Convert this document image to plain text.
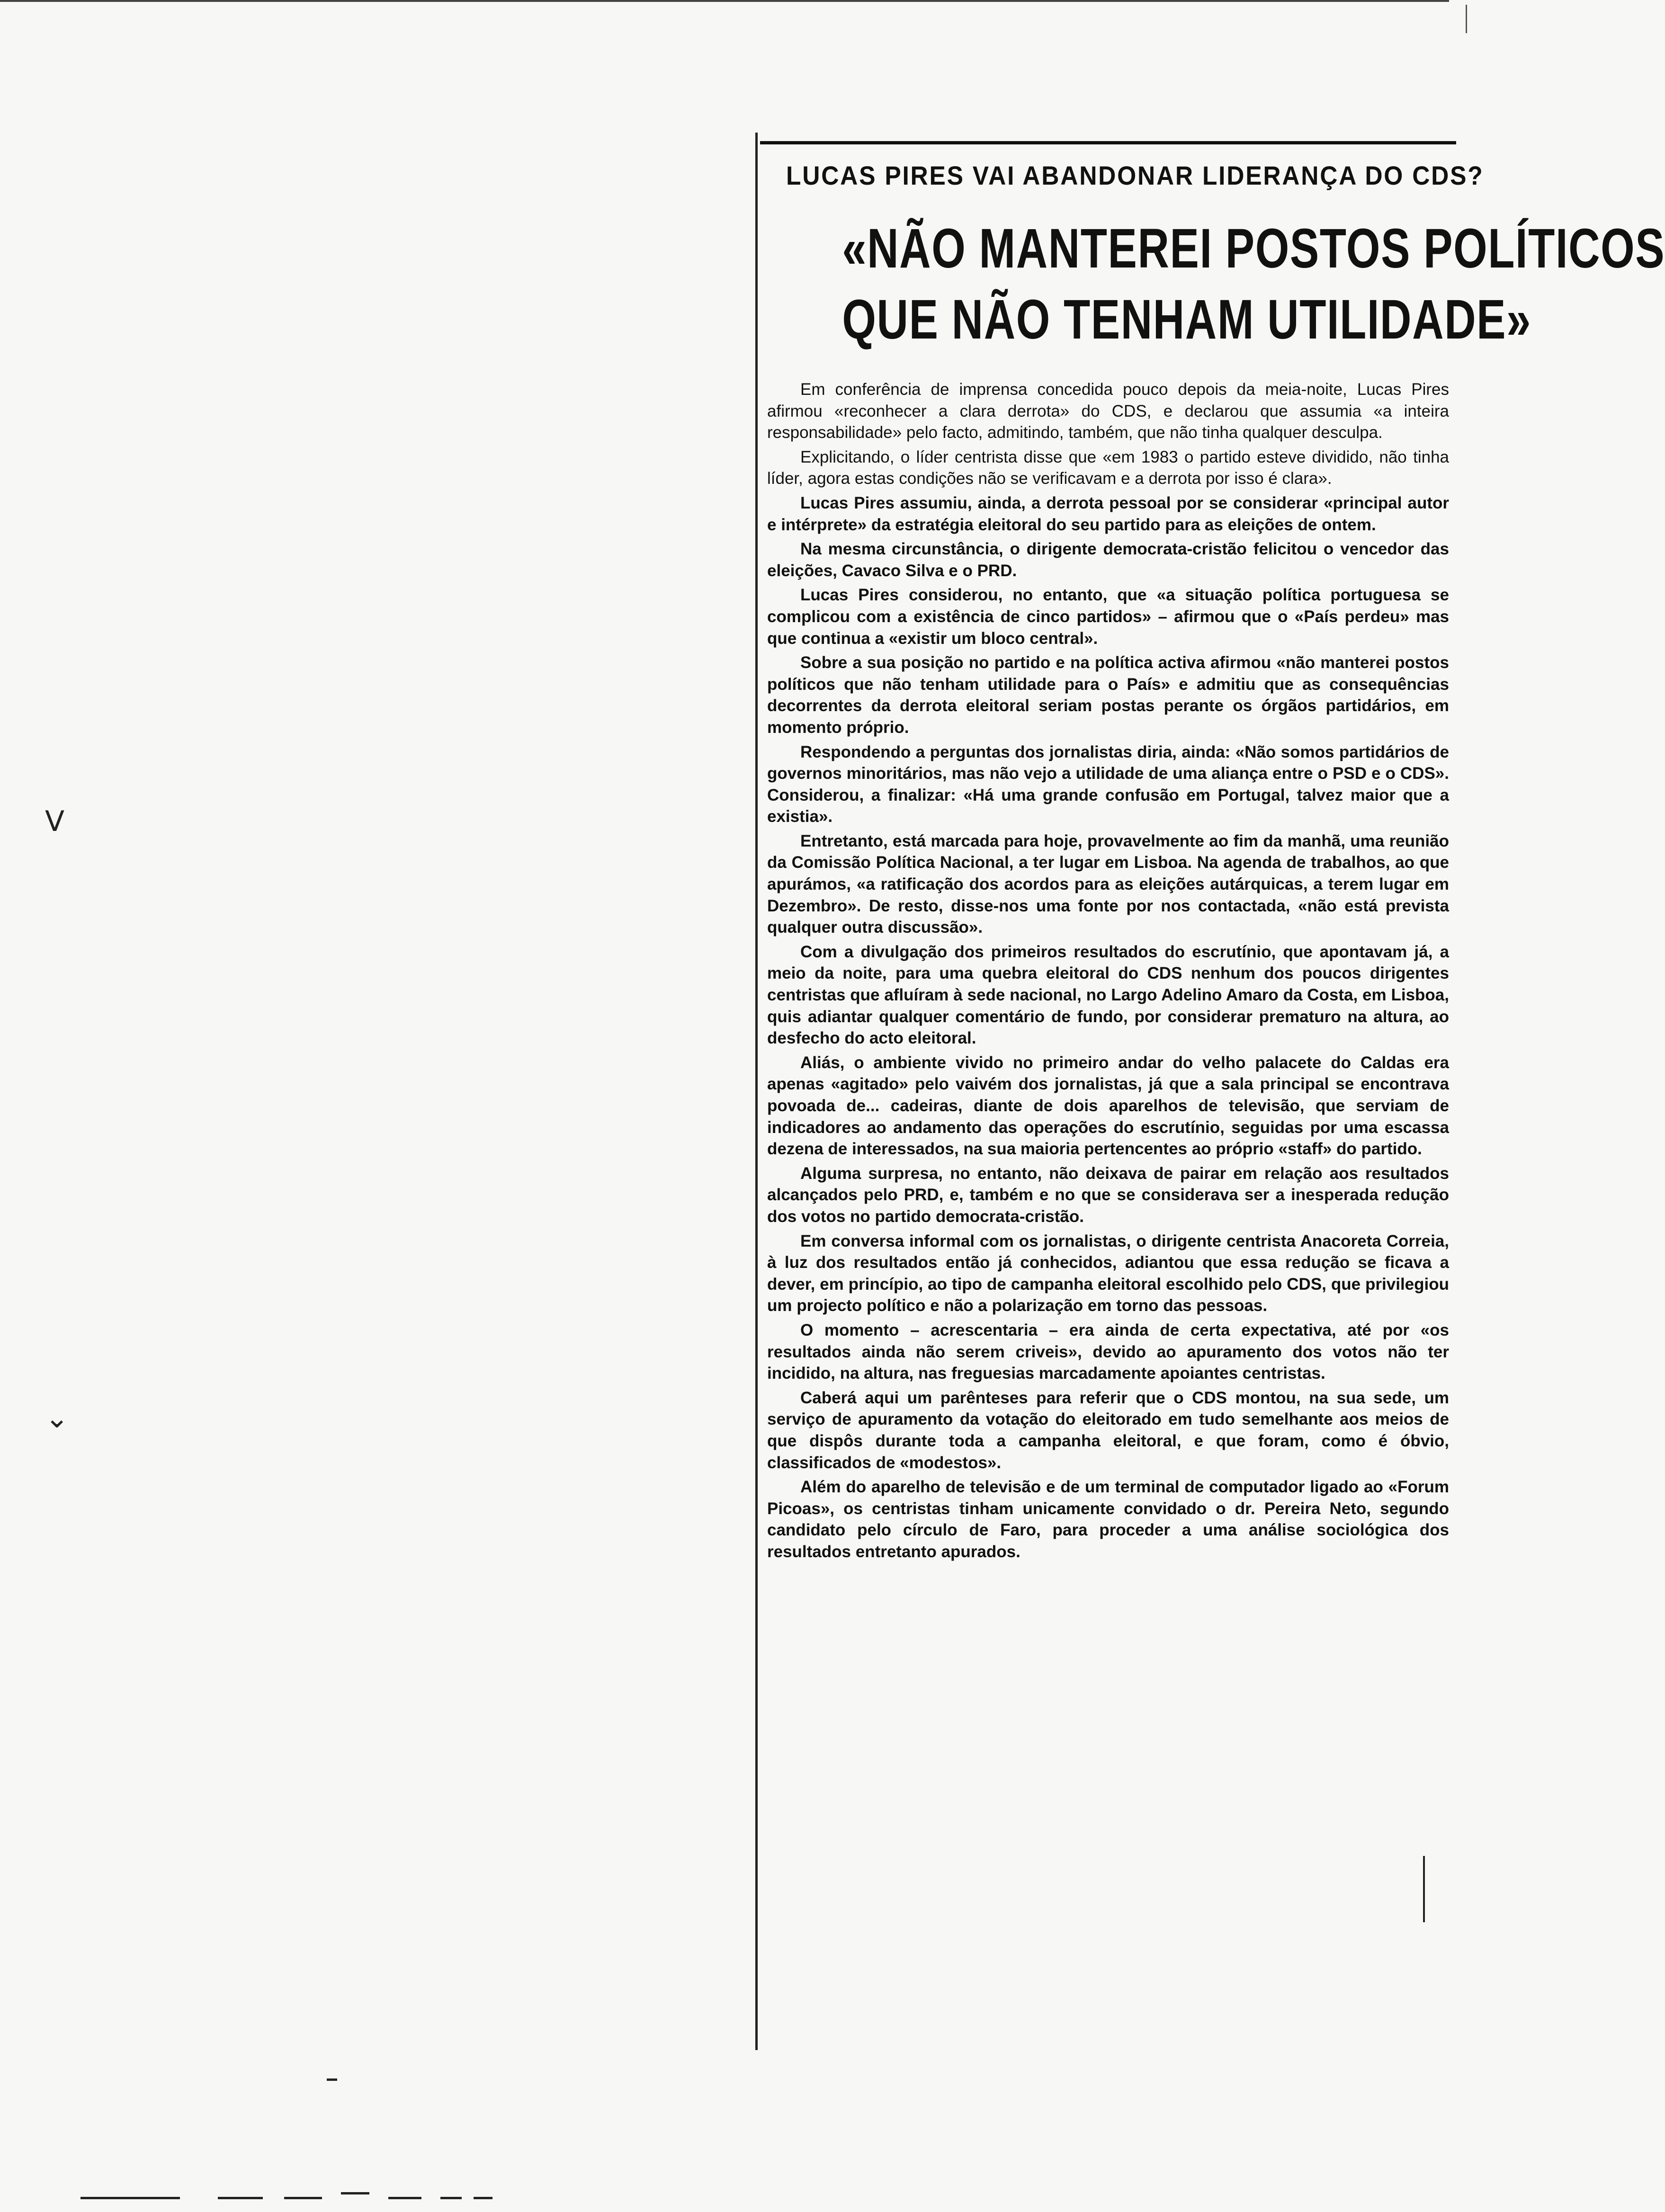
ᐯ
⌄
LUCAS PIRES VAI ABANDONAR LIDERANÇA DO CDS?
«NÃO MANTEREI POSTOS POLÍTICOS
QUE NÃO TENHAM UTILIDADE»

Em conferência de imprensa concedida pouco depois da meia-noite, Lucas Pires afirmou «reconhecer a clara derrota» do CDS, e declarou que assumia «a inteira responsabilidade» pelo facto, admitindo, também, que não tinha qualquer desculpa.

Explicitando, o líder centrista disse que «em 1983 o partido esteve dividido, não tinha líder, agora estas condições não se verificavam e a derrota por isso é clara».

Lucas Pires assumiu, ainda, a derrota pessoal por se considerar «principal autor e intérprete» da estratégia eleitoral do seu partido para as eleições de ontem.

Na mesma circunstância, o dirigente democrata-cristão felicitou o vencedor das eleições, Cavaco Silva e o PRD.

Lucas Pires considerou, no entanto, que «a situação política portuguesa se complicou com a existência de cinco partidos» – afirmou que o «País perdeu» mas que continua a «existir um bloco central».

Sobre a sua posição no partido e na política activa afirmou «não manterei postos políticos que não tenham utilidade para o País» e admitiu que as consequências decorrentes da derrota eleitoral seriam postas perante os órgãos partidários, em momento próprio.

Respondendo a perguntas dos jornalistas diria, ainda: «Não somos partidários de governos minoritários, mas não vejo a utilidade de uma aliança entre o PSD e o CDS». Considerou, a finalizar: «Há uma grande confusão em Portugal, talvez maior que a existia».

Entretanto, está marcada para hoje, provavelmente ao fim da manhã, uma reunião da Comissão Política Nacional, a ter lugar em Lisboa. Na agenda de trabalhos, ao que apurámos, «a ratificação dos acordos para as eleições autárquicas, a terem lugar em Dezembro». De resto, disse-nos uma fonte por nos contactada, «não está prevista qualquer outra discussão».

Com a divulgação dos primeiros resultados do escrutínio, que apontavam já, a meio da noite, para uma quebra eleitoral do CDS nenhum dos poucos dirigentes centristas que afluíram à sede nacional, no Largo Adelino Amaro da Costa, em Lisboa, quis adiantar qualquer comentário de fundo, por considerar prematuro na altura, ao desfecho do acto eleitoral.

Aliás, o ambiente vivido no primeiro andar do velho palacete do Caldas era apenas «agitado» pelo vaivém dos jornalistas, já que a sala principal se encontrava povoada de... cadeiras, diante de dois aparelhos de televisão, que serviam de indicadores ao andamento das operações do escrutínio, seguidas por uma escassa dezena de interessados, na sua maioria pertencentes ao próprio «staff» do partido.

Alguma surpresa, no entanto, não deixava de pairar em relação aos resultados alcançados pelo PRD, e, também e no que se considerava ser a inesperada redução dos votos no partido democrata-cristão.

Em conversa informal com os jornalistas, o dirigente centrista Anacoreta Correia, à luz dos resultados então já conhecidos, adiantou que essa redução se ficava a dever, em princípio, ao tipo de campanha eleitoral escolhido pelo CDS, que privilegiou um projecto político e não a polarização em torno das pessoas.

O momento – acrescentaria – era ainda de certa expectativa, até por «os resultados ainda não serem criveis», devido ao apuramento dos votos não ter incidido, na altura, nas freguesias marcadamente apoiantes centristas.

Caberá aqui um parênteses para referir que o CDS montou, na sua sede, um serviço de apuramento da votação do eleitorado em tudo semelhante aos meios de que dispôs durante toda a campanha eleitoral, e que foram, como é óbvio, classificados de «modestos».

Além do aparelho de televisão e de um terminal de computador ligado ao «Forum Picoas», os centristas tinham unicamente convidado o dr. Pereira Neto, segundo candidato pelo círculo de Faro, para proceder a uma análise sociológica dos resultados entretanto apurados.
